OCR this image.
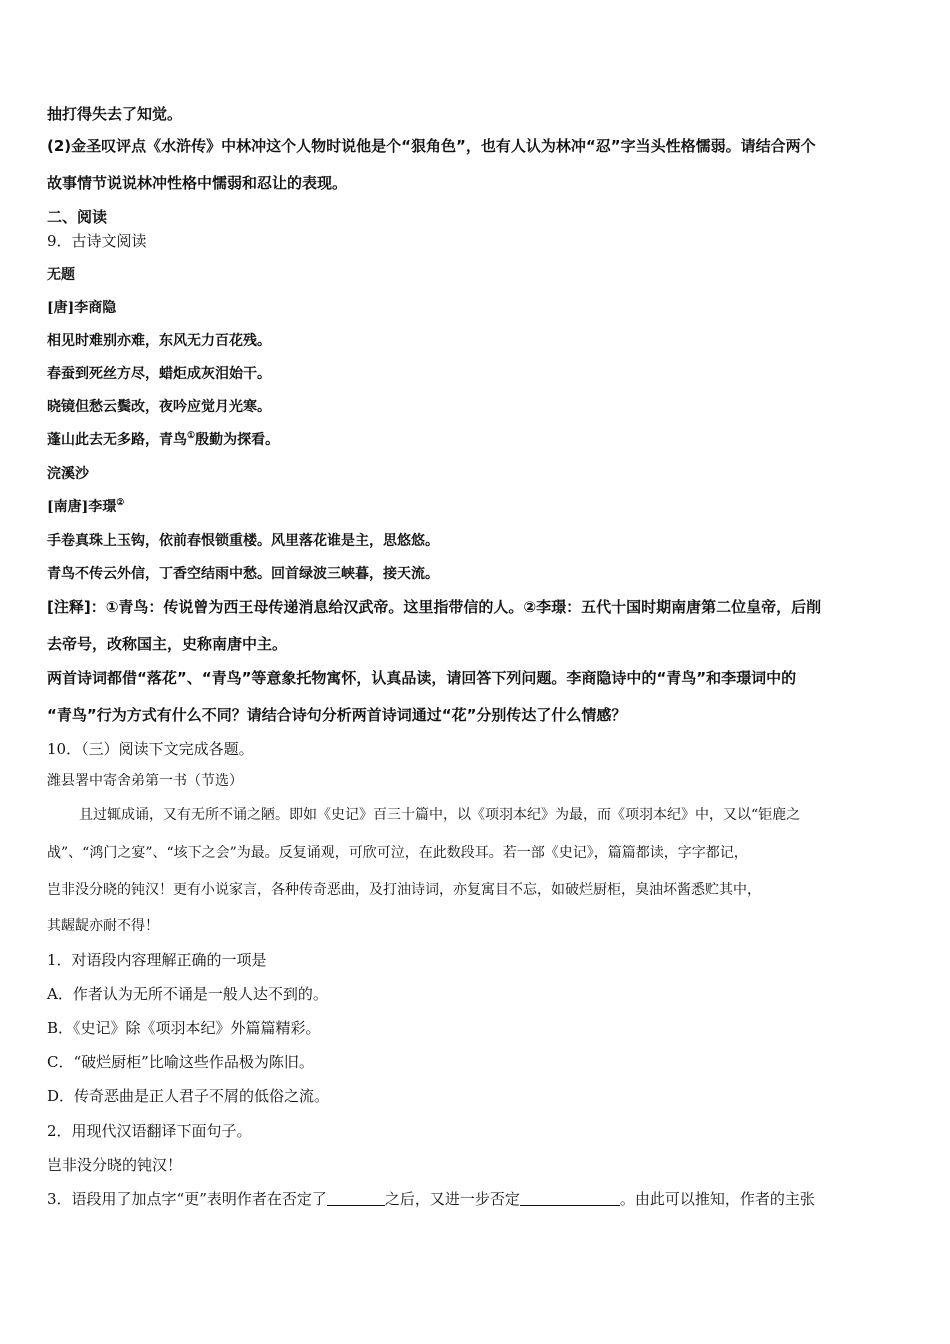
抽打得失去了知觉。
(2)金圣叹评点《水浒传》中林冲这个人物时说他是个“狠角色”，也有人认为林冲“忍”字当头性格懦弱。请结合两个
故事情节说说林冲性格中懦弱和忍让的表现。
二、阅读
9．古诗文阅读
无题
[唐]李商隐
相见时难别亦难，东风无力百花残。
春蚕到死丝方尽，蜡炬成灰泪始干。
晓镜但愁云鬓改，夜吟应觉月光寒。
蓬山此去无多路，青鸟①殷勤为探看。
浣溪沙
[南唐]李璟②
手卷真珠上玉钩，依前春恨锁重楼。风里落花谁是主，思悠悠。
青鸟不传云外信，丁香空结雨中愁。回首绿波三峡暮，接天流。
[注释]：①青鸟：传说曾为西王母传递消息给汉武帝。这里指带信的人。②李璟：五代十国时期南唐第二位皇帝，后削
去帝号，改称国主，史称南唐中主。
两首诗词都借“落花”、“青鸟”等意象托物寓怀，认真品读，请回答下列问题。李商隐诗中的“青鸟”和李璟词中的
“青鸟”行为方式有什么不同？请结合诗句分析两首诗词通过“花”分别传达了什么情感？
10．（三）阅读下文完成各题。
潍县署中寄舍弟第一书（节选）
且过辄成诵，又有无所不诵之陋。即如《史记》百三十篇中，以《项羽本纪》为最，而《项羽本纪》中，又以“钜鹿之
战”、“鸿门之宴”、“垓下之会”为最。反复诵观，可欣可泣，在此数段耳。若一部《史记》，篇篇都读，字字都记，
岂非没分晓的钝汉！更有小说家言，各种传奇恶曲，及打油诗词，亦复寓目不忘，如破烂厨柜，臭油坏酱悉贮其中，
其龌龊亦耐不得！
1．对语段内容理解正确的一项是
A．作者认为无所不诵是一般人达不到的。
B．《史记》除《项羽本纪》外篇篇精彩。
C．“破烂厨柜”比喻这些作品极为陈旧。
D．传奇恶曲是正人君子不屑的低俗之流。
2．用现代汉语翻译下面句子。
岂非没分晓的钝汉！
3．语段用了加点字“更”表明作者在否定了	之后，又进一步否定	。由此可以推知，作者的主张
